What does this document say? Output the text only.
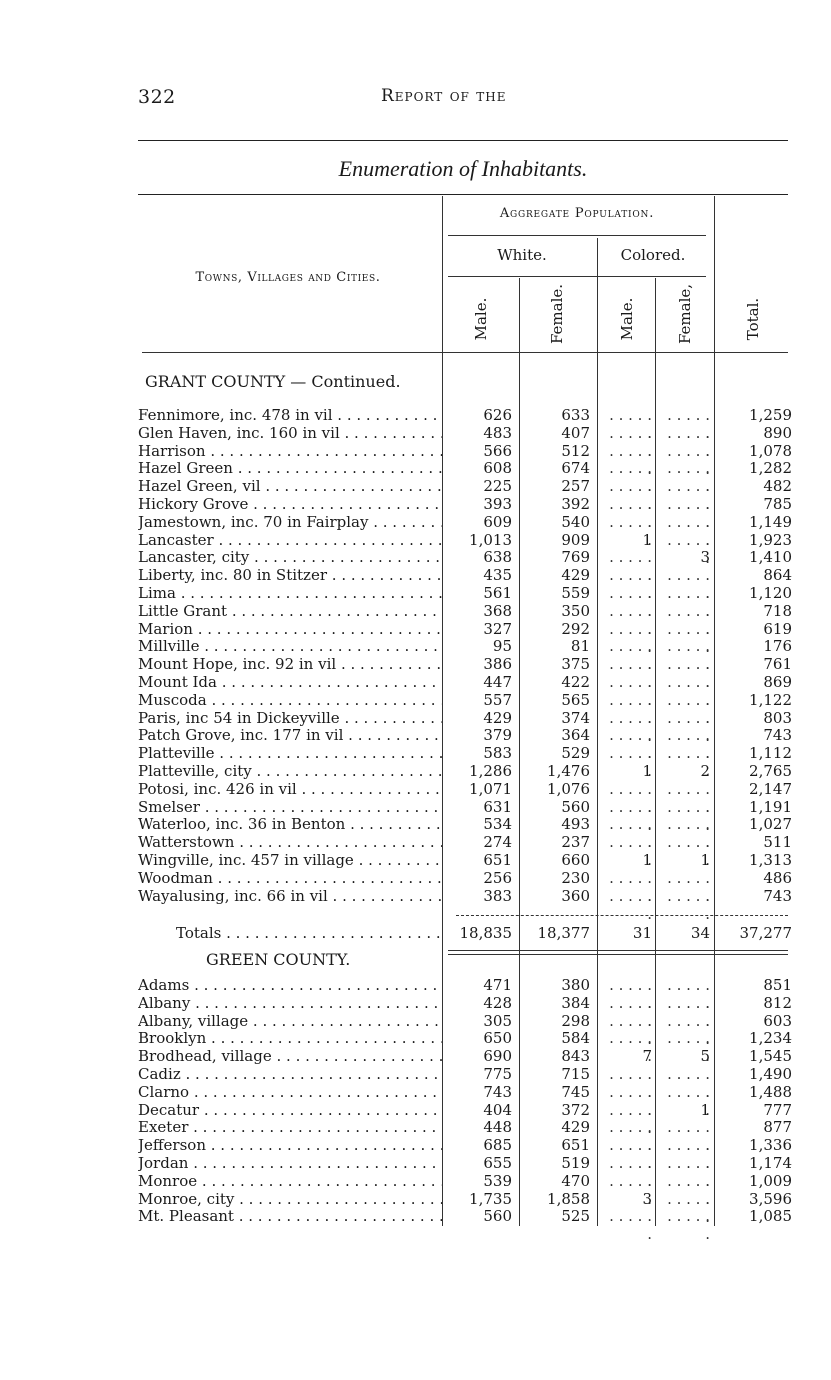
322	Report of the
Enumeration of Inhabitants.
Aggregate Population.
White.	Colored.
Towns, Villages and Cities.
Male.	Female.	Male.	Female,	Total.
GRANT COUNTY — Continued.
Fennimore, inc. 478 in vil . . .	626	633 . . . . . .	1,259
Glen Haven, inc. 160 in vil . . .	483	407 . . . . . .	890
Harrison . . .	566	512 . . . . . .	1,078
Hazel Green . . .	608	674 . . . . . .	1,282
Hazel Green, vil . . .	225	257 . . . . . .	482
Hickory Grove . . .	393	392 . . . . . .	785
Jamestown, inc. 70 in Fairplay . . .	609	540 . . . . . .	1,149
Lancaster . . .	1,013	909	1 . . .	1,923
Lancaster, city . . .	638	769 . . .	3	1,410
Liberty, inc. 80 in Stitzer . . .	435	429 . . . . . .	864
Lima . . .	561	559 . . . . . .	1,120
Little Grant . . .	368	350 . . . . . .	718
Marion . . .	327	292 . . . . . .	619
Millville . . .	95	81 . . . . . .	176
Mount Hope, inc. 92 in vil . . .	386	375 . . . . . .	761
Mount Ida . . .	447	422 . . . . . .	869
Muscoda . . .	557	565 . . . . . .	1,122
Paris, inc 54 in Dickeyville . . .	429	374 . . . . . .	803
Patch Grove, inc. 177 in vil . . .	379	364 . . . . . .	743
Platteville . . .	583	529 . . . . . .	1,112
Platteville, city . . .	1,286	1,476	1	2	2,765
Potosi, inc. 426 in vil . . .	1,071	1,076 . . . . . .	2,147
Smelser . . .	631	560 . . . . . .	1,191
Waterloo, inc. 36 in Benton . . .	534	493 . . . . . .	1,027
Watterstown . . .	274	237 . . . . . .	511
Wingville, inc. 457 in village . . .	651	660	1	1	1,313
Woodman . . .	256	230 . . . . . .	486
Wayalusing, inc. 66 in vil . . .	383	360 . . . . . .	743
Totals . . .	18,835	18,377	31	34	37,277
GREEN COUNTY.
Adams . . .	471	380 . . . . . .	851
Albany . . .	428	384 . . . . . .	812
Albany, village . . .	305	298 . . . . . .	603
Brooklyn . . .	650	584 . . . . . .	1,234
Brodhead, village . . .	690	843	7	5	1,545
Cadiz . . .	775	715 . . . . . .	1,490
Clarno . . .	743	745 . . . . . .	1,488
Decatur . . .	404	372 . . .	1	777
Exeter . . .	448	429 . . . . . .	877
Jefferson . . .	685	651 . . . . . .	1,336
Jordan . . .	655	519 . . . . . .	1,174
Monroe . . .	539	470 . . . . . .	1,009
Monroe, city . . .	1,735	1,858	3 . . .	3,596
Mt. Pleasant . . .	560	525 . . . . . .	1,085
